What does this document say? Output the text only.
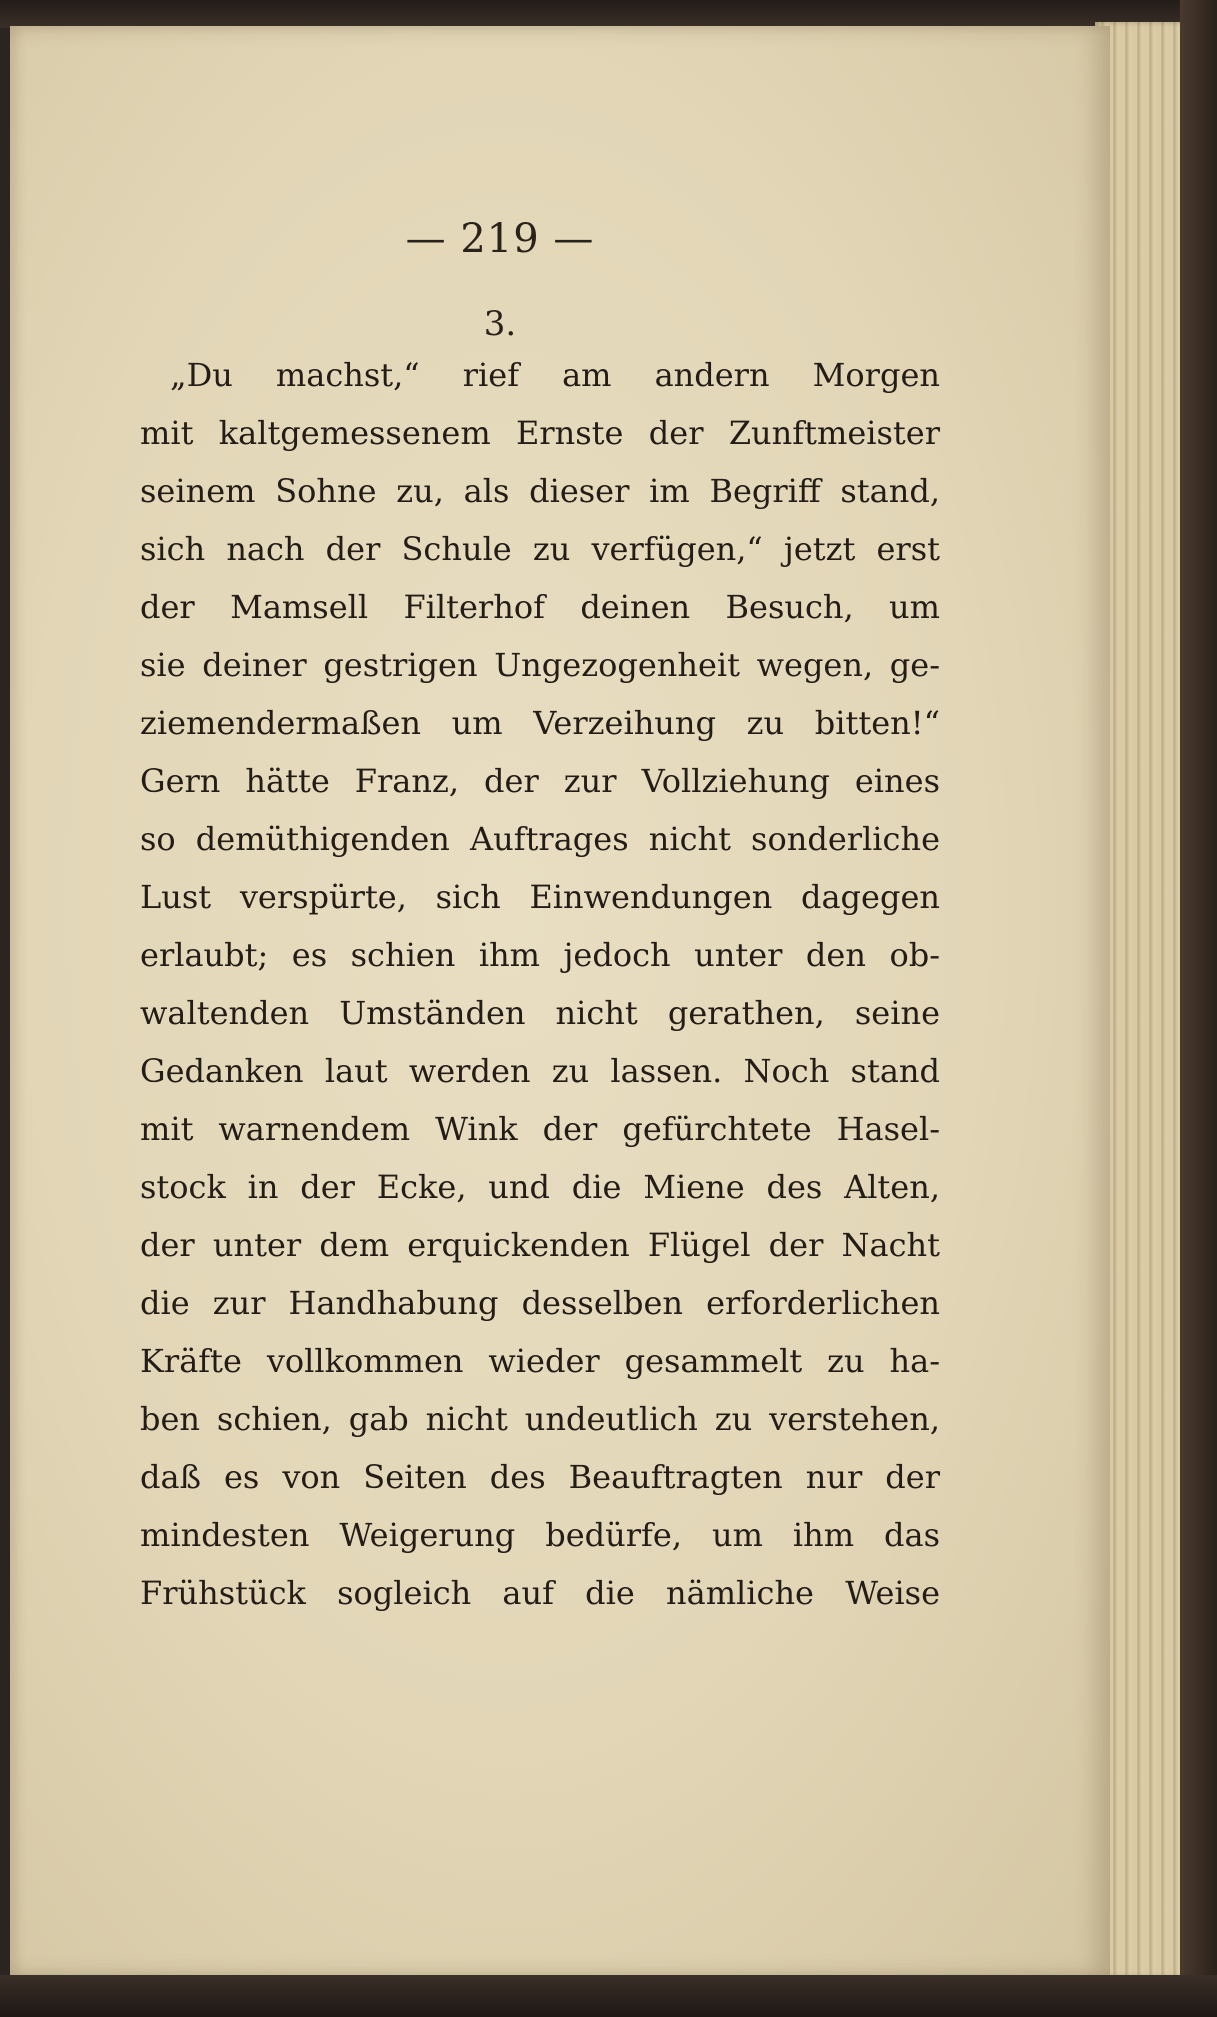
— 219 —
3.
„Du machst,“ rief am andern Morgen
mit kaltgemessenem Ernste der Zunftmeister
seinem Sohne zu, als dieser im Begriff stand,
sich nach der Schule zu verfügen,“ jetzt erst
der Mamsell Filterhof deinen Besuch, um
sie deiner gestrigen Ungezogenheit wegen, ge-
ziemendermaßen um Verzeihung zu bitten!“
Gern hätte Franz, der zur Vollziehung eines
so demüthigenden Auftrages nicht sonderliche
Lust verspürte, sich Einwendungen dagegen
erlaubt; es schien ihm jedoch unter den ob-
waltenden Umständen nicht gerathen, seine
Gedanken laut werden zu lassen. Noch stand
mit warnendem Wink der gefürchtete Hasel-
stock in der Ecke, und die Miene des Alten,
der unter dem erquickenden Flügel der Nacht
die zur Handhabung desselben erforderlichen
Kräfte vollkommen wieder gesammelt zu ha-
ben schien, gab nicht undeutlich zu verstehen,
daß es von Seiten des Beauftragten nur der
mindesten Weigerung bedürfe, um ihm das
Frühstück sogleich auf die nämliche Weise
